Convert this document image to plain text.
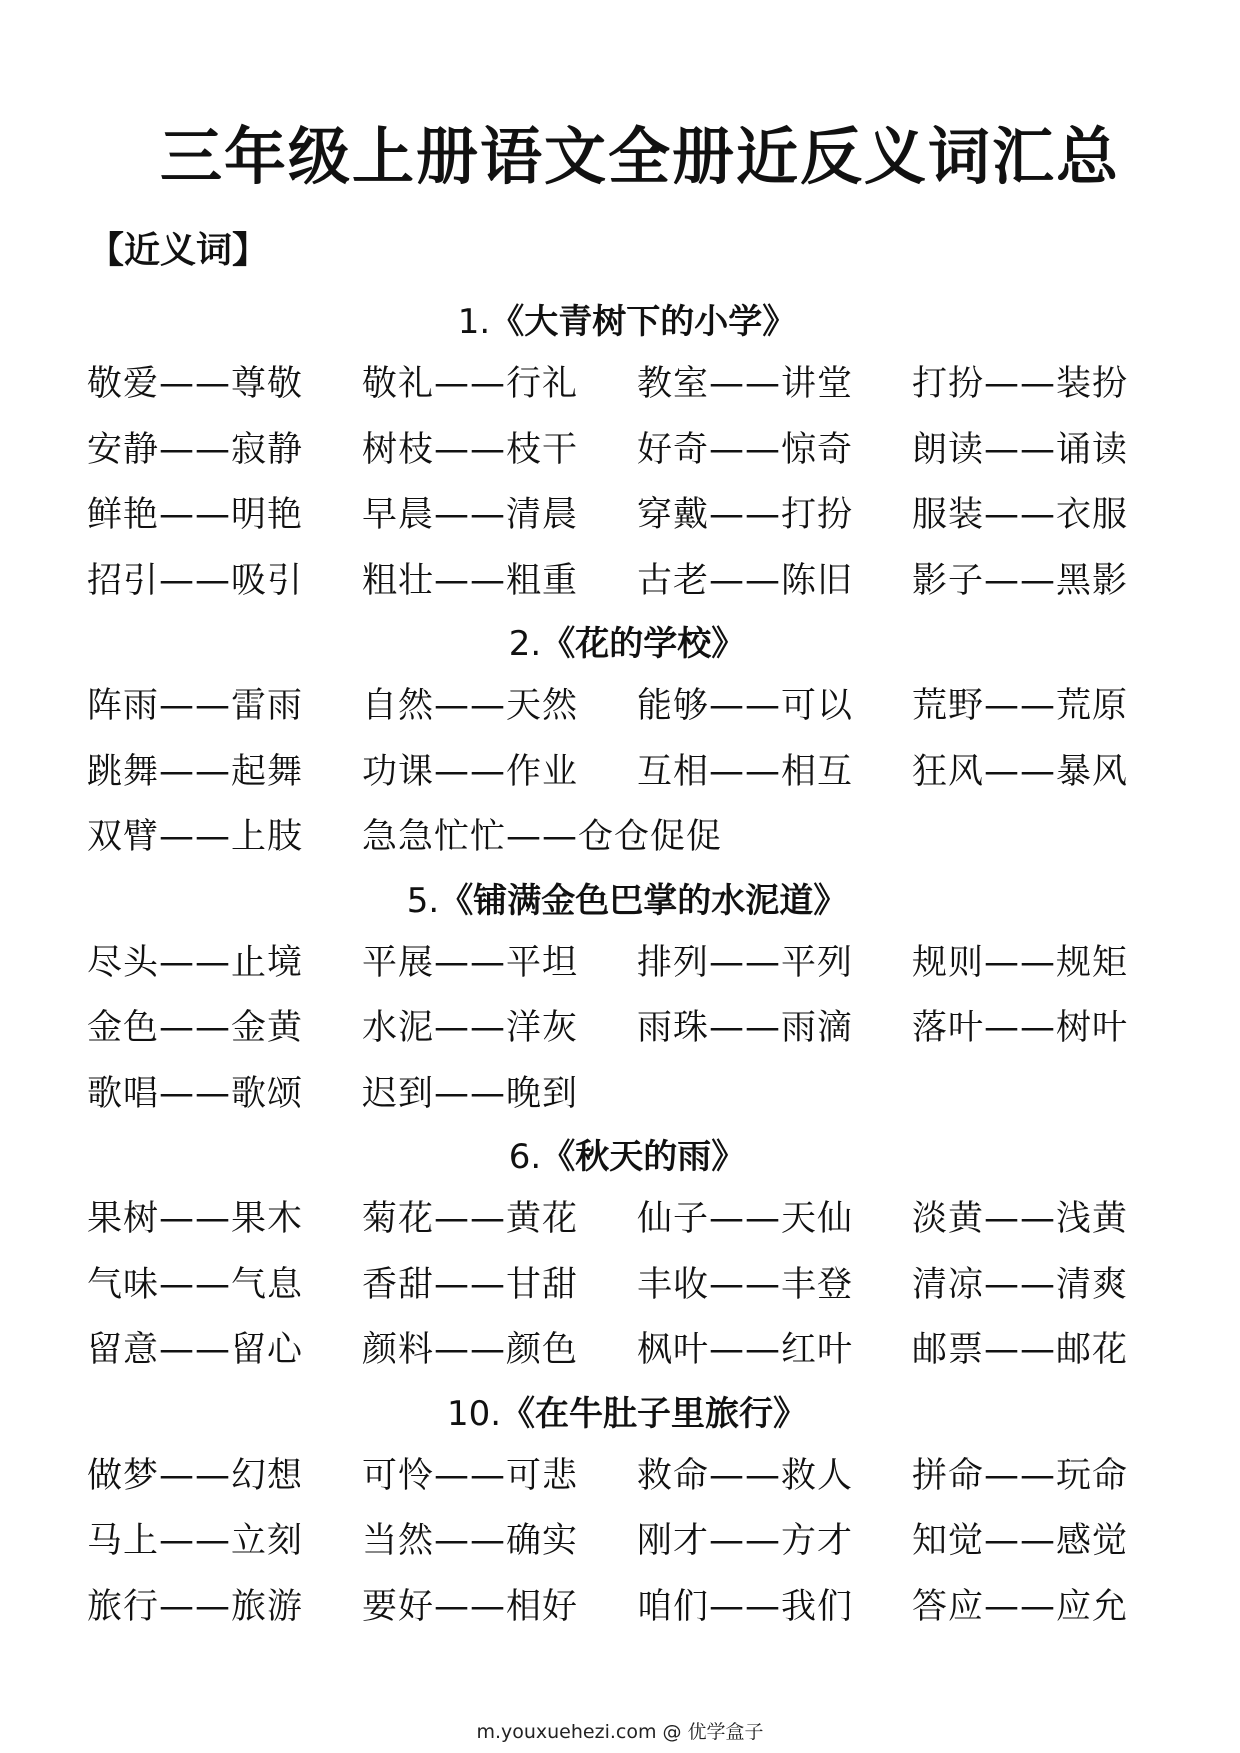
三年级上册语文全册近反义词汇总
【近义词】
1.《大青树下的小学》
敬爱——尊敬	敬礼——行礼	教室——讲堂	打扮——装扮
安静——寂静	树枝——枝干	好奇——惊奇	朗读——诵读
鲜艳——明艳	早晨——清晨	穿戴——打扮	服装——衣服
招引——吸引	粗壮——粗重	古老——陈旧	影子——黑影
2.《花的学校》
阵雨——雷雨	自然——天然	能够——可以	荒野——荒原
跳舞——起舞	功课——作业	互相——相互	狂风——暴风
双臂——上肢	急急忙忙——仓仓促促
5.《铺满金色巴掌的水泥道》
尽头——止境	平展——平坦	排列——平列	规则——规矩
金色——金黄	水泥——洋灰	雨珠——雨滴	落叶——树叶
歌唱——歌颂	迟到——晚到
6.《秋天的雨》
果树——果木	菊花——黄花	仙子——天仙	淡黄——浅黄
气味——气息	香甜——甘甜	丰收——丰登	清凉——清爽
留意——留心	颜料——颜色	枫叶——红叶	邮票——邮花
10.《在牛肚子里旅行》
做梦——幻想	可怜——可悲	救命——救人	拼命——玩命
马上——立刻	当然——确实	刚才——方才	知觉——感觉
旅行——旅游	要好——相好	咱们——我们	答应——应允
m.youxuehezi.com @ 优学盒子
